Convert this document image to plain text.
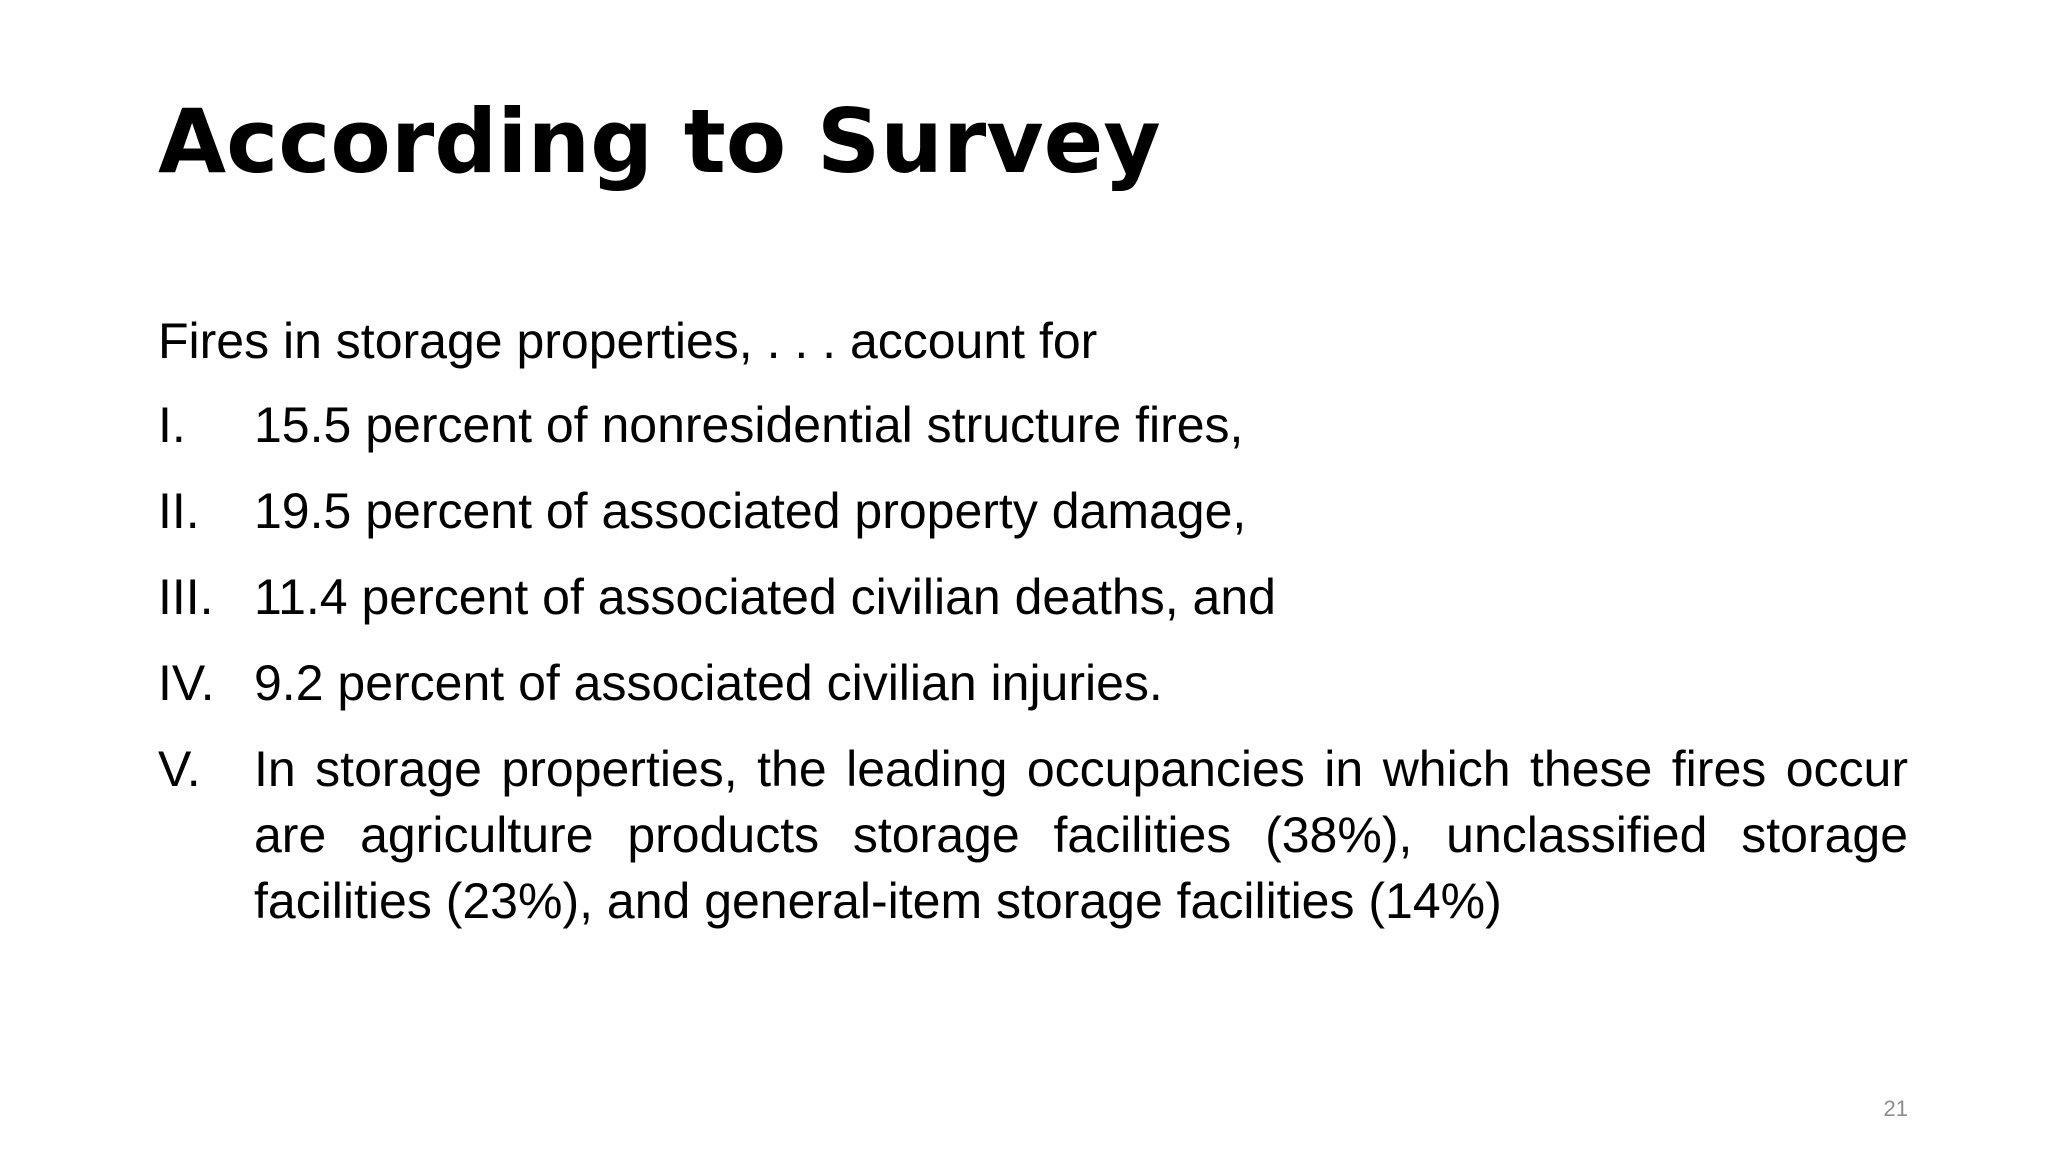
According to Survey
Fires in storage properties, . . . account for
I.	15.5 percent of nonresidential structure fires,
II.	19.5 percent of associated property damage,
III. 11.4 percent of associated civilian deaths, and
IV. 9.2 percent of associated civilian injuries.
V.	In storage properties, the leading occupancies in which these fires occur are agriculture products storage facilities (38%), unclassified storage facilities (23%), and general-item storage facilities (14%)
21
